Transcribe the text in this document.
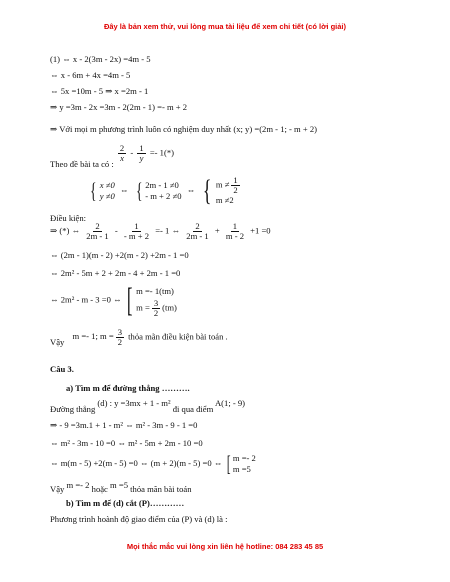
Đây là bản xem thử, vui lòng mua tài liệu để xem chi tiết (có lời giải)
(1) ⇔ x - 2(3m - 2x) =4m - 5
⇔ x - 6m + 4x =4m - 5
⇔ 5x =10m - 5 ⇒ x =2m - 1
⇒ y =3m - 2x =3m - 2(2m - 1) =- m + 2
⇒ Với mọi m phương trình luôn có nghiệm duy nhất (x; y) =(2m - 1; - m + 2)
Theo đề bài ta có :
$\frac{2}{x} - \frac{1}{y} =- 1(*)$
Điều kiện:
{ x ≠0
y ≠0
⇔ { 2m - 1 ≠0
- m + 2 ≠0
⇔ { $m \ne \frac{1}{2}$
m ≠2
⇒ (*) ⇔ $\frac{2}{2m - 1} - \frac{1}{- m + 2} =- 1$ ⇔ $\frac{2}{2m - 1} + \frac{1}{m - 2} +1 =0$
⇔ (2m - 1)(m - 2) +2(m - 2) +2m - 1 =0
⇔ 2m² - 5m + 2 + 2m - 4 + 2m - 1 =0
⇔ 2m² - m - 3 =0 ⇔ [ m =- 1(tm)
$m = \frac{3}{2} (tm)$
Vậy m =- 1; $m = \frac{3}{2}$ thỏa mãn điều kiện bài toán .
Câu 3.
a) Tìm m để đường thẳng ……….
Đường thẳng (d) : y =3mx + 1 - m² đi qua điểm A(1; - 9)
⇒ - 9 =3m.1 + 1 - m² ⇔ m² - 3m - 9 - 1 =0
⇔ m² - 3m - 10 =0 ⇔ m² - 5m + 2m - 10 =0
⇔ m(m - 5) +2(m - 5) =0 ⇔ (m + 2)(m - 5) =0 ⇔ [ m =- 2
m =5
Vậy m =- 2 hoặc m =5 thỏa mãn bài toán
b) Tìm m để (d) cắt (P)…………
Phương trình hoành độ giao điểm của (P) và (d) là :
Mọi thắc mắc vui lòng xin liên hệ hotline: 084 283 45 85
